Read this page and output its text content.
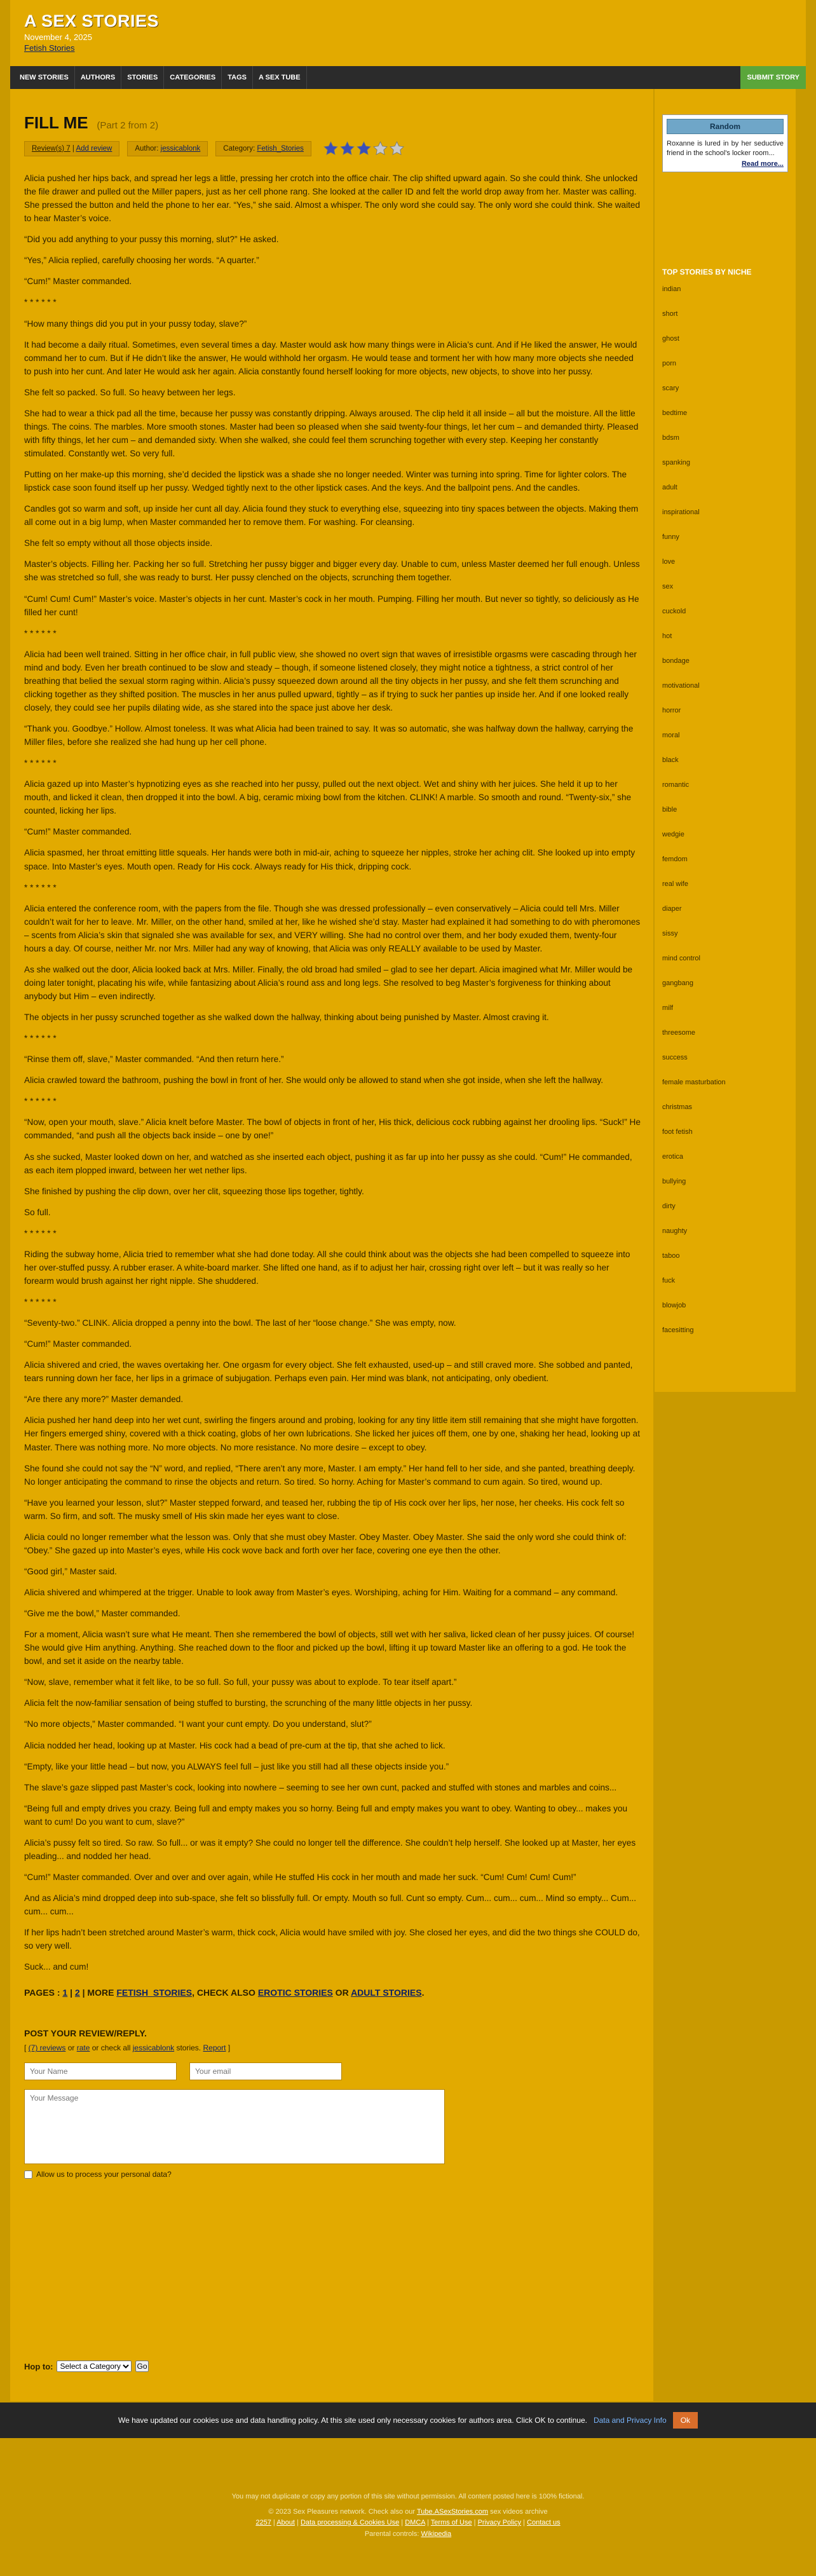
A SEX STORIES
November 4, 2025
Fetish Stories
NEW STORIES	AUTHORS	STORIES	CATEGORIES	TAGS	A SEX TUBE	SUBMIT STORY
FILL ME (Part 2 from 2)
Review(s) 7 | Add review	Author: jessicablonk	Category: Fetish_Stories

Alicia pushed her hips back, and spread her legs a little, pressing her crotch into the office chair. The clip shifted upward again. So she could think. She unlocked the file drawer and pulled out the Miller papers, just as her cell phone rang. She looked at the caller ID and felt the world drop away from her. Master was calling. She pressed the button and held the phone to her ear. “Yes,” she said. Almost a whisper. The only word she could say. The only word she could think. She waited to hear Master’s voice.

“Did you add anything to your pussy this morning, slut?” He asked.

“Yes,” Alicia replied, carefully choosing her words. “A quarter.”

“Cum!” Master commanded.

* * * * * *

“How many things did you put in your pussy today, slave?”

It had become a daily ritual. Sometimes, even several times a day. Master would ask how many things were in Alicia’s cunt. And if He liked the answer, He would command her to cum. But if He didn’t like the answer, He would withhold her orgasm. He would tease and torment her with how many more objects she needed to push into her cunt. And later He would ask her again. Alicia constantly found herself looking for more objects, new objects, to shove into her pussy.

She felt so packed. So full. So heavy between her legs.

She had to wear a thick pad all the time, because her pussy was constantly dripping. Always aroused. The clip held it all inside – all but the moisture. All the little things. The coins. The marbles. More smooth stones. Master had been so pleased when she said twenty-four things, let her cum – and demanded thirty. Pleased with fifty things, let her cum – and demanded sixty. When she walked, she could feel them scrunching together with every step. Keeping her constantly stimulated. Constantly wet. So very full.

Putting on her make-up this morning, she’d decided the lipstick was a shade she no longer needed. Winter was turning into spring. Time for lighter colors. The lipstick case soon found itself up her pussy. Wedged tightly next to the other lipstick cases. And the keys. And the ballpoint pens. And the candles.

Candles got so warm and soft, up inside her cunt all day. Alicia found they stuck to everything else, squeezing into tiny spaces between the objects. Making them all come out in a big lump, when Master commanded her to remove them. For washing. For cleansing.

She felt so empty without all those objects inside.

Master’s objects. Filling her. Packing her so full. Stretching her pussy bigger and bigger every day. Unable to cum, unless Master deemed her full enough. Unless she was stretched so full, she was ready to burst. Her pussy clenched on the objects, scrunching them together.

“Cum! Cum! Cum!” Master’s voice. Master’s objects in her cunt. Master’s cock in her mouth. Pumping. Filling her mouth. But never so tightly, so deliciously as He filled her cunt!

* * * * * *

Alicia had been well trained. Sitting in her office chair, in full public view, she showed no overt sign that waves of irresistible orgasms were cascading through her mind and body. Even her breath continued to be slow and steady – though, if someone listened closely, they might notice a tightness, a strict control of her breathing that belied the sexual storm raging within. Alicia’s pussy squeezed down around all the tiny objects in her pussy, and she felt them scrunching and clicking together as they shifted position. The muscles in her anus pulled upward, tightly – as if trying to suck her panties up inside her. And if one looked really closely, they could see her pupils dilating wide, as she stared into the space just above her desk.

“Thank you. Goodbye.” Hollow. Almost toneless. It was what Alicia had been trained to say. It was so automatic, she was halfway down the hallway, carrying the Miller files, before she realized she had hung up her cell phone.

* * * * * *

Alicia gazed up into Master’s hypnotizing eyes as she reached into her pussy, pulled out the next object. Wet and shiny with her juices. She held it up to her mouth, and licked it clean, then dropped it into the bowl. A big, ceramic mixing bowl from the kitchen. CLINK! A marble. So smooth and round. “Twenty-six,” she counted, licking her lips.

“Cum!” Master commanded.

Alicia spasmed, her throat emitting little squeals. Her hands were both in mid-air, aching to squeeze her nipples, stroke her aching clit. She looked up into empty space. Into Master’s eyes. Mouth open. Ready for His cock. Always ready for His thick, dripping cock.

* * * * * *

Alicia entered the conference room, with the papers from the file. Though she was dressed professionally – even conservatively – Alicia could tell Mrs. Miller couldn’t wait for her to leave. Mr. Miller, on the other hand, smiled at her, like he wished she’d stay. Master had explained it had something to do with pheromones – scents from Alicia’s skin that signaled she was available for sex, and VERY willing. She had no control over them, and her body exuded them, twenty-four hours a day. Of course, neither Mr. nor Mrs. Miller had any way of knowing, that Alicia was only REALLY available to be used by Master.

As she walked out the door, Alicia looked back at Mrs. Miller. Finally, the old broad had smiled – glad to see her depart. Alicia imagined what Mr. Miller would be doing later tonight, placating his wife, while fantasizing about Alicia’s round ass and long legs. She resolved to beg Master’s forgiveness for thinking about anybody but Him – even indirectly.

The objects in her pussy scrunched together as she walked down the hallway, thinking about being punished by Master. Almost craving it.

* * * * * *

“Rinse them off, slave,” Master commanded. “And then return here.”

Alicia crawled toward the bathroom, pushing the bowl in front of her. She would only be allowed to stand when she got inside, when she left the hallway.

* * * * * *

“Now, open your mouth, slave.” Alicia knelt before Master. The bowl of objects in front of her, His thick, delicious cock rubbing against her drooling lips. “Suck!” He commanded, “and push all the objects back inside – one by one!”

As she sucked, Master looked down on her, and watched as she inserted each object, pushing it as far up into her pussy as she could. “Cum!” He commanded, as each item plopped inward, between her wet nether lips.

She finished by pushing the clip down, over her clit, squeezing those lips together, tightly.

So full.

* * * * * *

Riding the subway home, Alicia tried to remember what she had done today. All she could think about was the objects she had been compelled to squeeze into her over-stuffed pussy. A rubber eraser. A white-board marker. She lifted one hand, as if to adjust her hair, crossing right over left – but it was really so her forearm would brush against her right nipple. She shuddered.

* * * * * *

“Seventy-two.” CLINK. Alicia dropped a penny into the bowl. The last of her “loose change.” She was empty, now.

“Cum!” Master commanded.

Alicia shivered and cried, the waves overtaking her. One orgasm for every object. She felt exhausted, used-up – and still craved more. She sobbed and panted, tears running down her face, her lips in a grimace of subjugation. Perhaps even pain. Her mind was blank, not anticipating, only obedient.

“Are there any more?” Master demanded.

Alicia pushed her hand deep into her wet cunt, swirling the fingers around and probing, looking for any tiny little item still remaining that she might have forgotten. Her fingers emerged shiny, covered with a thick coating, globs of her own lubrications. She licked her juices off them, one by one, shaking her head, looking up at Master. There was nothing more. No more objects. No more resistance. No more desire – except to obey.

She found she could not say the “N” word, and replied, “There aren’t any more, Master. I am empty.” Her hand fell to her side, and she panted, breathing deeply. No longer anticipating the command to rinse the objects and return. So tired. So horny. Aching for Master’s command to cum again. So tired, wound up.

“Have you learned your lesson, slut?” Master stepped forward, and teased her, rubbing the tip of His cock over her lips, her nose, her cheeks. His cock felt so warm. So firm, and soft. The musky smell of His skin made her eyes want to close.

Alicia could no longer remember what the lesson was. Only that she must obey Master. Obey Master. Obey Master. She said the only word she could think of: “Obey.” She gazed up into Master’s eyes, while His cock wove back and forth over her face, covering one eye then the other.

“Good girl,” Master said.

Alicia shivered and whimpered at the trigger. Unable to look away from Master’s eyes. Worshiping, aching for Him. Waiting for a command – any command.

“Give me the bowl,” Master commanded.

For a moment, Alicia wasn’t sure what He meant. Then she remembered the bowl of objects, still wet with her saliva, licked clean of her pussy juices. Of course! She would give Him anything. Anything. She reached down to the floor and picked up the bowl, lifting it up toward Master like an offering to a god. He took the bowl, and set it aside on the nearby table.

“Now, slave, remember what it felt like, to be so full. So full, your pussy was about to explode. To tear itself apart.”

Alicia felt the now-familiar sensation of being stuffed to bursting, the scrunching of the many little objects in her pussy.

“No more objects,” Master commanded. “I want your cunt empty. Do you understand, slut?”

Alicia nodded her head, looking up at Master. His cock had a bead of pre-cum at the tip, that she ached to lick.

“Empty, like your little head – but now, you ALWAYS feel full – just like you still had all these objects inside you.”

The slave’s gaze slipped past Master’s cock, looking into nowhere – seeming to see her own cunt, packed and stuffed with stones and marbles and coins...

“Being full and empty drives you crazy. Being full and empty makes you so horny. Being full and empty makes you want to obey. Wanting to obey... makes you want to cum! Do you want to cum, slave?”

Alicia’s pussy felt so tired. So raw. So full... or was it empty? She could no longer tell the difference. She couldn’t help herself. She looked up at Master, her eyes pleading... and nodded her head.

“Cum!” Master commanded. Over and over and over again, while He stuffed His cock in her mouth and made her suck. “Cum! Cum! Cum! Cum!”

And as Alicia’s mind dropped deep into sub-space, she felt so blissfully full. Or empty. Mouth so full. Cunt so empty. Cum... cum... cum... Mind so empty... Cum... cum... cum...

If her lips hadn’t been stretched around Master’s warm, thick cock, Alicia would have smiled with joy. She closed her eyes, and did the two things she COULD do, so very well.

Suck... and cum!

PAGES : 1 | 2 | MORE FETISH_STORIES, CHECK ALSO EROTIC STORIES OR ADULT STORIES.
POST YOUR REVIEW/REPLY.
[ (7) reviews or rate or check all jessicablonk stories. Report ]
Your Name
Your email
Your Message
Allow us to process your personal data?
Hop to:
Select a Category	Go
Random
Roxanne is lured in by her seductive friend in the school's locker room...
Read more...
TOP STORIES BY NICHE
indian
short
ghost
porn
scary
bedtime
bdsm
spanking
adult
inspirational
funny
love
sex
cuckold
hot
bondage
motivational
horror
moral
black
romantic
bible
wedgie
femdom
real wife
diaper
sissy
mind control
gangbang
milf
threesome
success
female masturbation
christmas
foot fetish
erotica
bullying
dirty
naughty
taboo
fuck
blowjob
facesitting
We have updated our cookies use and data handling policy. At this site used only necessary cookies for authors area. Click OK to continue. Data and Privacy Info	Ok
You may not duplicate or copy any portion of this site without permission. All content posted here is 100% fictional.
© 2023 Sex Pleasures network. Check also our Tube.ASexStories.com sex videos archive
2257 | About | Data processing & Cookies Use | DMCA | Terms of Use | Privacy Policy | Contact us
Parental controls: Wikipedia
